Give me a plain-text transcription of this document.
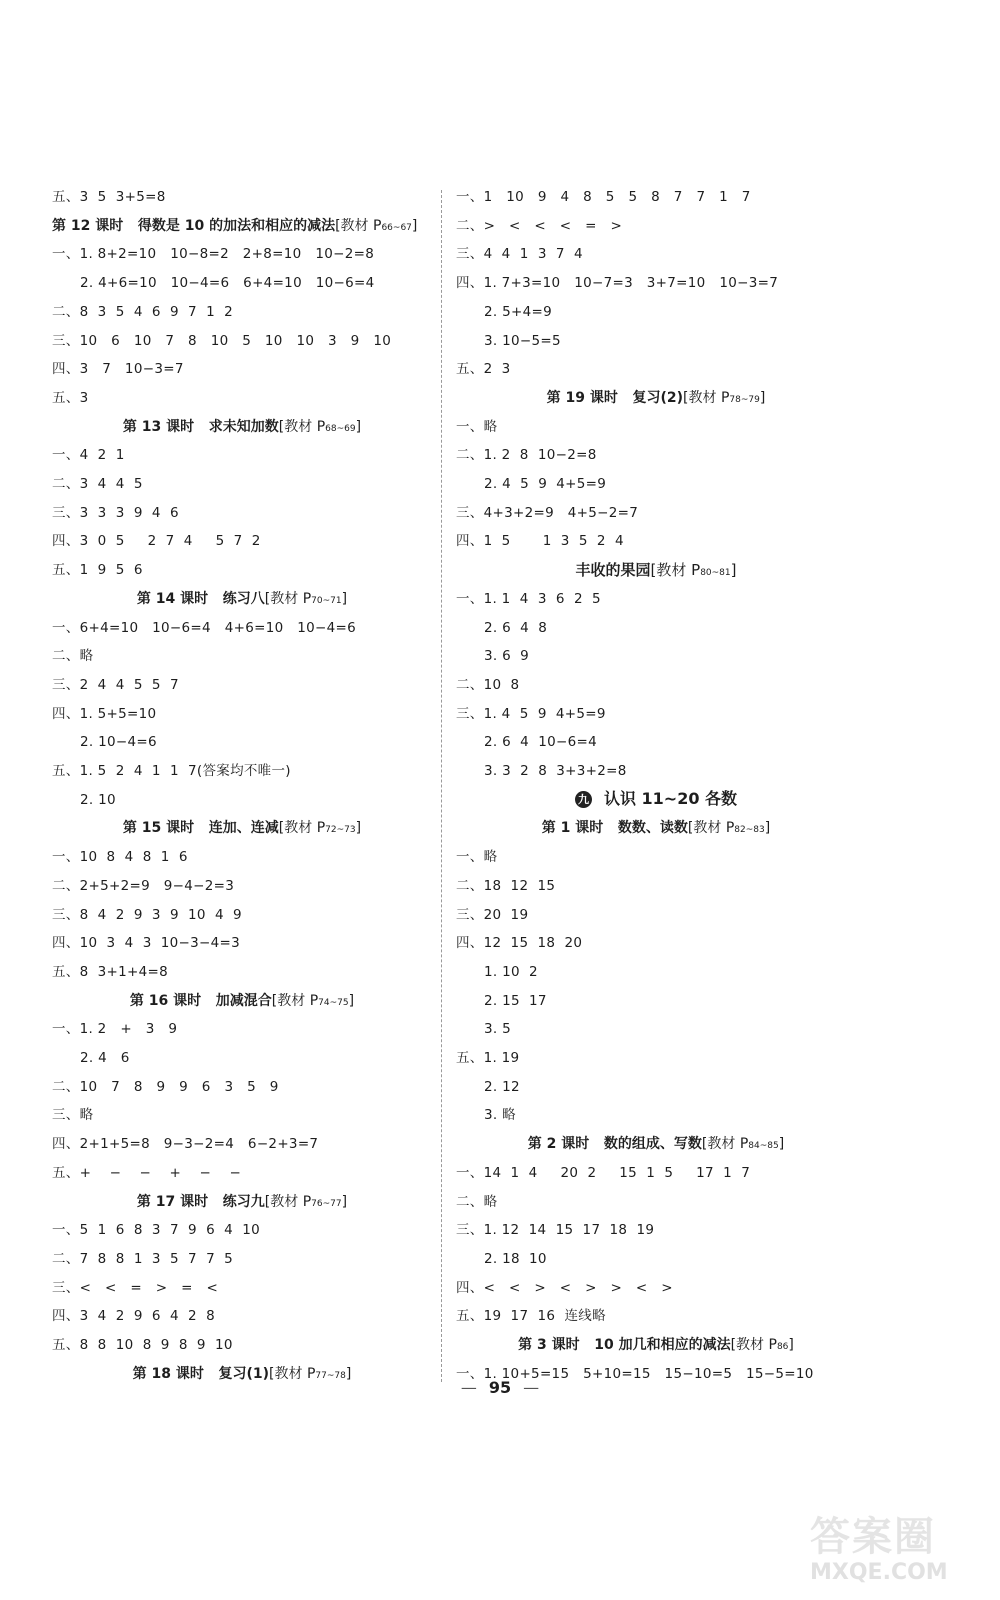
五、3  5  3+5=8
第 12 课时   得数是 10 的加法和相应的减法[教材 P66~67]
一、1. 8+2=10   10−8=2   2+8=10   10−2=8
2. 4+6=10   10−4=6   6+4=10   10−6=4
二、8  3  5  4  6  9  7  1  2
三、10   6   10   7   8   10   5   10   10   3   9   10
四、3   7   10−3=7
五、3
第 13 课时   求未知加数[教材 P68~69]
一、4  2  1
二、3  4  4  5
三、3  3  3  9  4  6
四、3  0  5     2  7  4     5  7  2
五、1  9  5  6
第 14 课时   练习八[教材 P70~71]
一、6+4=10   10−6=4   4+6=10   10−4=6
二、略
三、2  4  4  5  5  7
四、1. 5+5=10
2. 10−4=6
五、1. 5  2  4  1  1  7(答案均不唯一)
2. 10
第 15 课时   连加、连减[教材 P72~73]
一、10  8  4  8  1  6
二、2+5+2=9   9−4−2=3
三、8  4  2  9  3  9  10  4  9
四、10  3  4  3  10−3−4=3
五、8  3+1+4=8
第 16 课时   加减混合[教材 P74~75]
一、1. 2   +   3   9
2. 4   6
二、10   7   8   9   9   6   3   5   9
三、略
四、2+1+5=8   9−3−2=4   6−2+3=7
五、+    −    −    +    −    −
第 17 课时   练习九[教材 P76~77]
一、5  1  6  8  3  7  9  6  4  10
二、7  8  8  1  3  5  7  7  5
三、<   <   =   >   =   <
四、3  4  2  9  6  4  2  8
五、8  8  10  8  9  8  9  10
第 18 课时   复习(1)[教材 P77~78]
一、1   10   9   4   8   5   5   8   7   7   1   7
二、>   <   <   <   =   >
三、4  4  1  3  7  4
四、1. 7+3=10   10−7=3   3+7=10   10−3=7
2. 5+4=9
3. 10−5=5
五、2  3
第 19 课时   复习(2)[教材 P78~79]
一、略
二、1. 2  8  10−2=8
2. 4  5  9  4+5=9
三、4+3+2=9   4+5−2=7
四、1  5       1  3  5  2  4
丰收的果园[教材 P80~81]
一、1. 1  4  3  6  2  5
2. 6  4  8
3. 6  9
二、10  8
三、1. 4  5  9  4+5=9
2. 6  4  10−6=4
3. 3  2  8  3+3+2=8
九 认识 11~20 各数
第 1 课时   数数、读数[教材 P82~83]
一、略
二、18  12  15
三、20  19
四、12  15  18  20
1. 10  2
2. 15  17
3. 5
五、1. 19
2. 12
3. 略
第 2 课时   数的组成、写数[教材 P84~85]
一、14  1  4     20  2     15  1  5     17  1  7
二、略
三、1. 12  14  15  17  18  19
2. 18  10
四、<   <   >   <   >   >   <   >
五、19  17  16  连线略
第 3 课时   10 加几和相应的减法[教材 P86]
一、1. 10+5=15   5+10=15   15−10=5   15−5=10
— 95 —
答案圈
MXQE.COM
